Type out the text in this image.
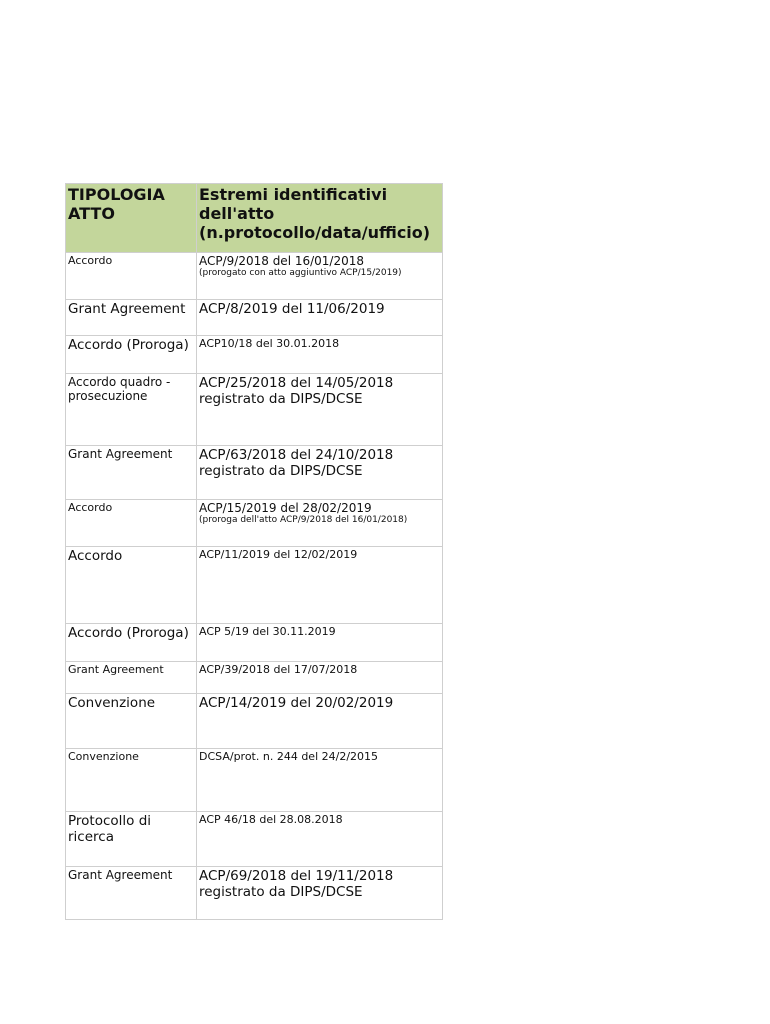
TIPOLOGIA ATTO	Estremi identificativi dell'atto (n.protocollo/data/ufficio)
Accordo	ACP/9/2018 del 16/01/2018
(prorogato con atto aggiuntivo ACP/15/2019)

Grant Agreement	ACP/8/2019 del 11/06/2019
Accordo (Proroga)	ACP10/18 del 30.01.2018
Accordo quadro - prosecuzione	ACP/25/2018 del 14/05/2018 registrato da DIPS/DCSE
Grant Agreement	ACP/63/2018 del 24/10/2018 registrato da DIPS/DCSE
Accordo	ACP/15/2019 del 28/02/2019
(proroga dell'atto ACP/9/2018 del 16/01/2018)

Accordo	ACP/11/2019 del 12/02/2019
Accordo (Proroga)	ACP 5/19 del 30.11.2019
Grant Agreement	ACP/39/2018 del 17/07/2018
Convenzione	ACP/14/2019 del 20/02/2019
Convenzione	DCSA/prot. n. 244 del 24/2/2015
Protocollo di ricerca	ACP 46/18 del 28.08.2018
Grant Agreement	ACP/69/2018 del 19/11/2018 registrato da DIPS/DCSE
